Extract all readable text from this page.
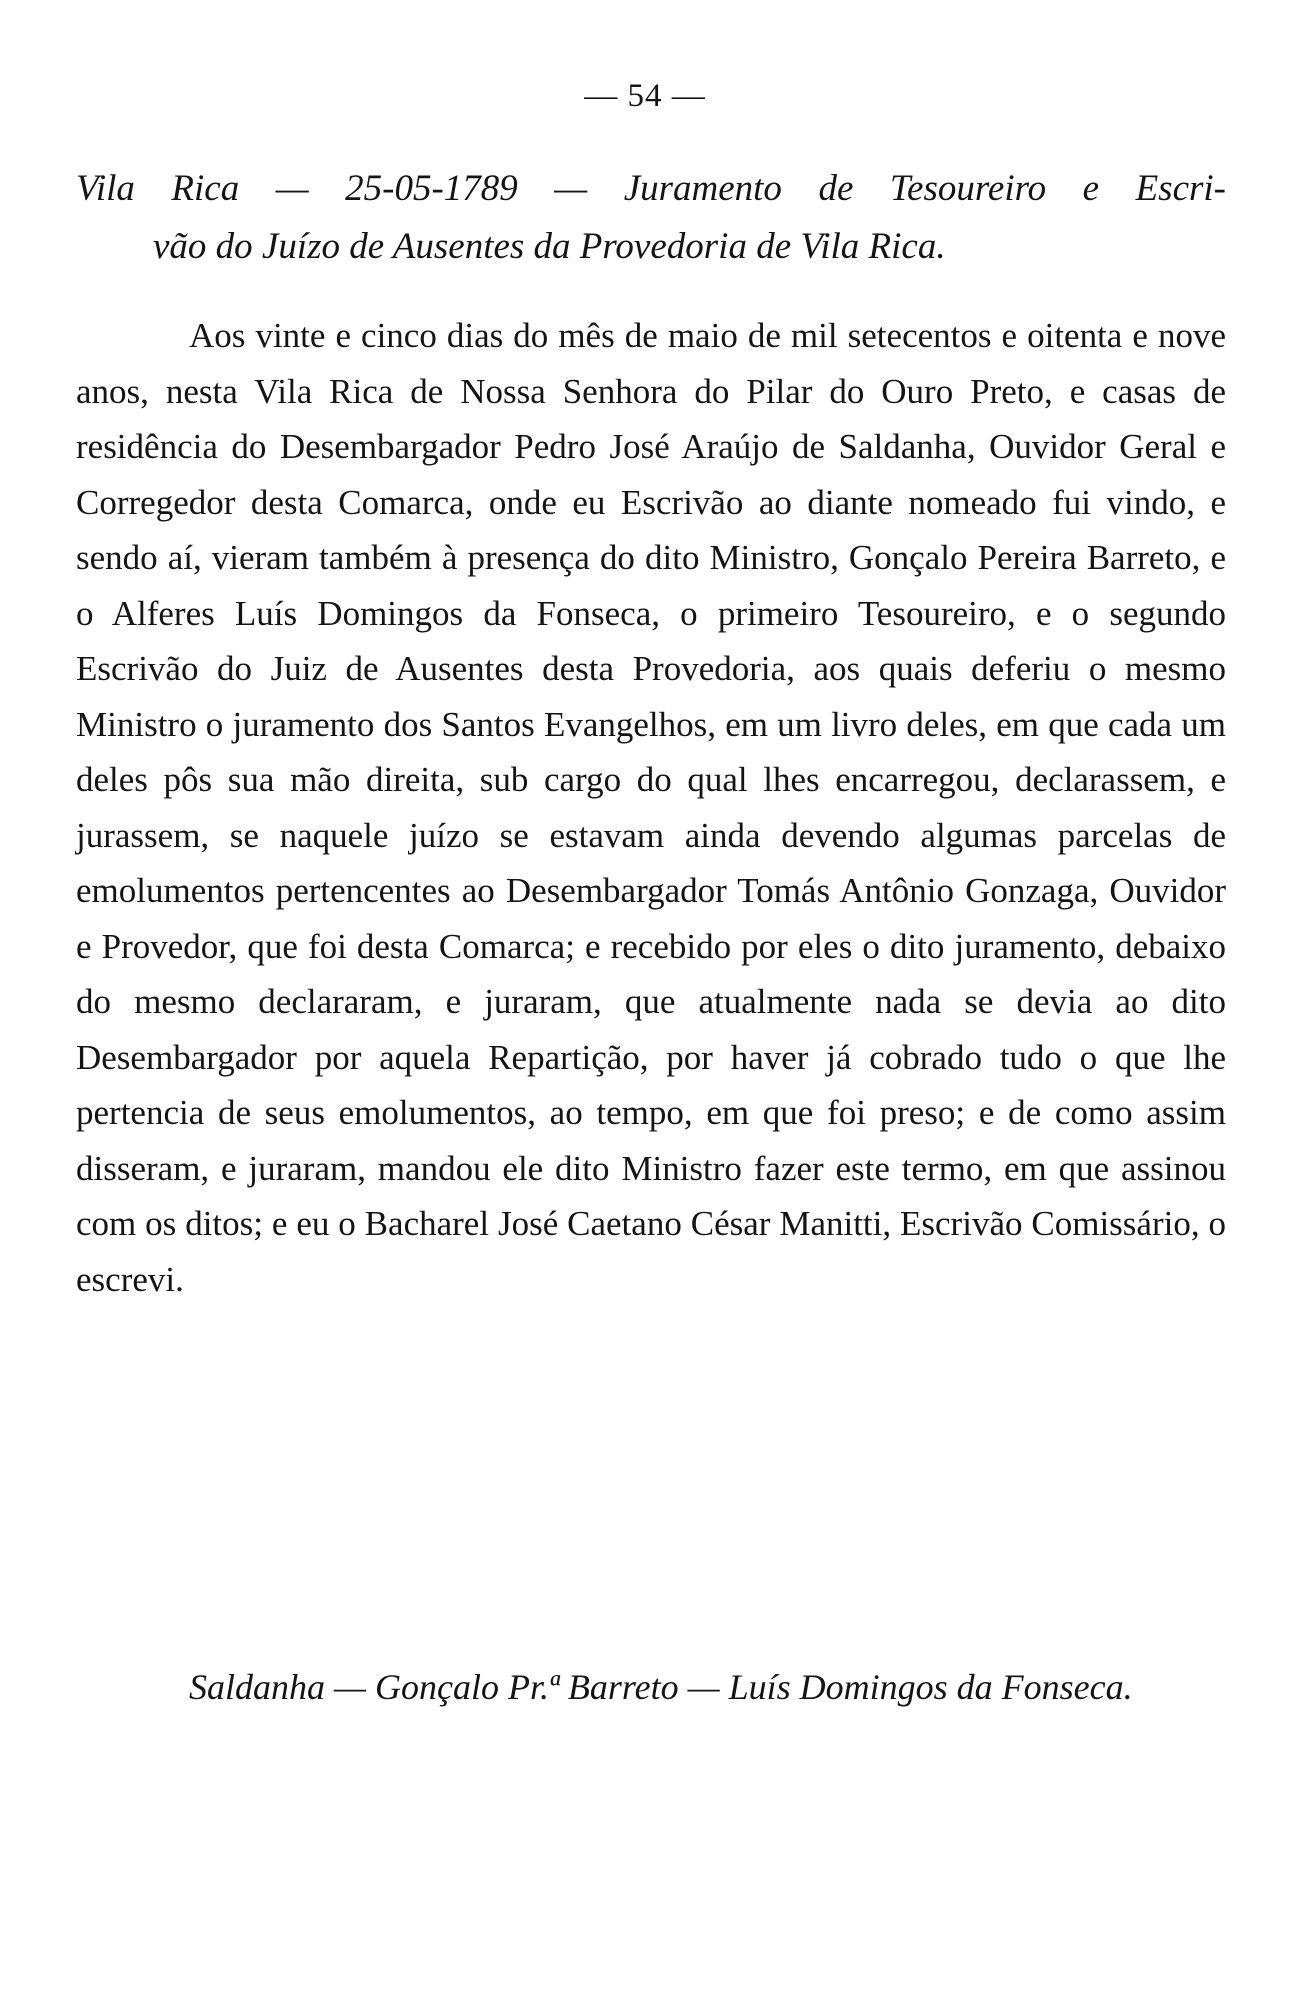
— 54 —
Vila Rica — 25-05-1789 — Juramento de Tesoureiro e Escri-
vão do Juízo de Ausentes da Provedoria de Vila Rica.

Aos vinte e cinco dias do mês de maio de mil setecentos e oitenta e nove anos, nesta Vila Rica de Nossa Senhora do Pilar do Ouro Preto, e casas de residência do Desembargador Pedro José Araújo de Saldanha, Ouvidor Geral e Corregedor desta Comarca, onde eu Escrivão ao diante nomeado fui vindo, e sendo aí, vieram também à presença do dito Ministro, Gonçalo Pereira Barreto, e o Alferes Luís Domingos da Fonseca, o primeiro Tesoureiro, e o segundo Escrivão do Juiz de Ausentes desta Provedoria, aos quais deferiu o mesmo Ministro o juramento dos Santos Evangelhos, em um livro deles, em que cada um deles pôs sua mão direita, sub cargo do qual lhes encarregou, declarassem, e jurassem, se naquele juízo se estavam ainda devendo algumas parcelas de emolumentos pertencentes ao Desembargador Tomás Antônio Gonzaga, Ouvidor e Provedor, que foi desta Comarca; e recebido por eles o dito juramento, debaixo do mesmo declararam, e juraram, que atualmente nada se devia ao dito Desembargador por aquela Repartição, por haver já cobrado tudo o que lhe pertencia de seus emolumentos, ao tempo, em que foi preso; e de como assim disseram, e juraram, mandou ele dito Ministro fazer este termo, em que assinou com os ditos; e eu o Bacharel José Caetano César Manitti, Escrivão Comissário, o escrevi.

Saldanha — Gonçalo Pr.ª Barreto — Luís Domingos da Fonseca.
